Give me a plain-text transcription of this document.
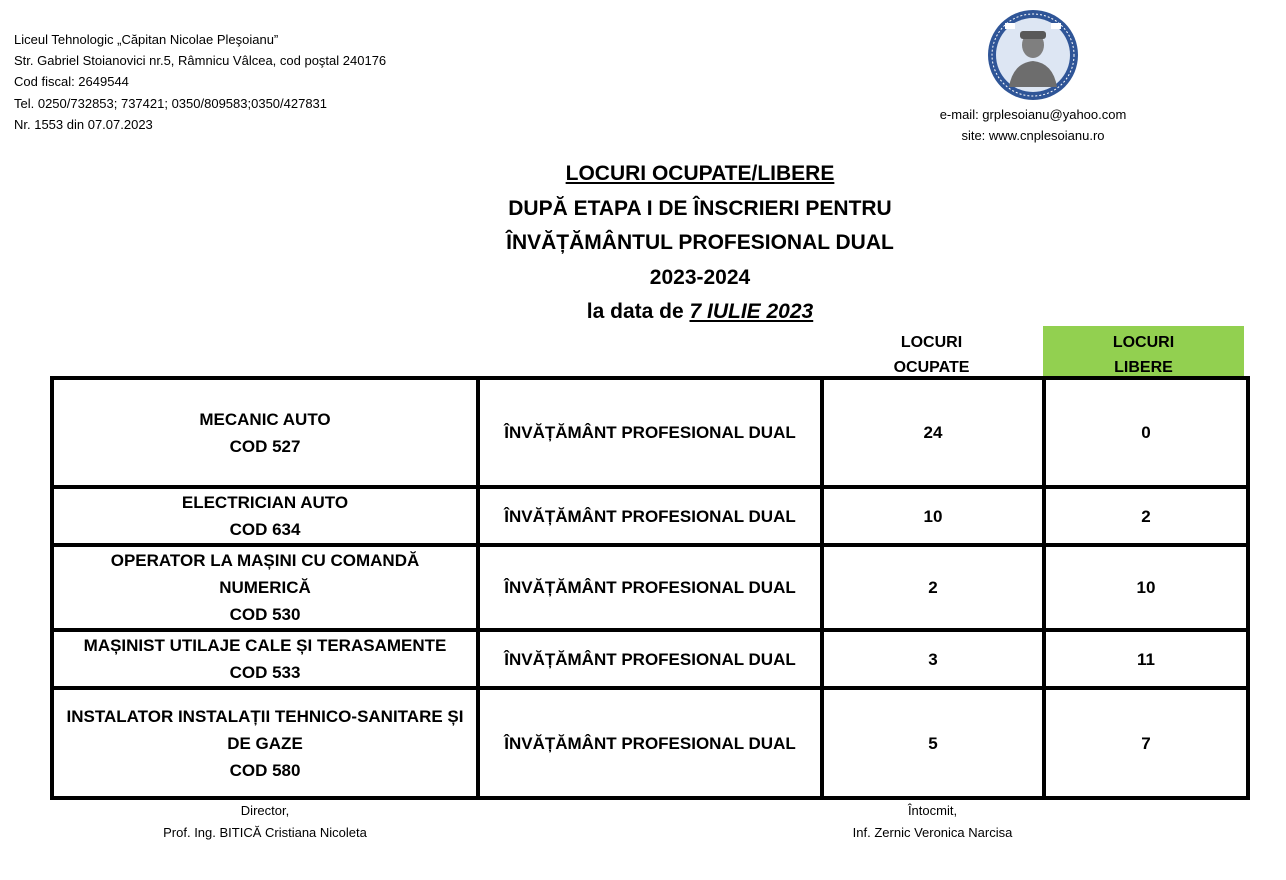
Liceul Tehnologic „Căpitan Nicolae Pleşoianu”
Str. Gabriel Stoianovici nr.5, Râmnicu Vâlcea, cod poştal 240176
Cod fiscal: 2649544
Tel. 0250/732853; 737421; 0350/809583;0350/427831
Nr. 1553 din 07.07.2023
e-mail: grplesoianu@yahoo.com
site: www.cnplesoianu.ro
LOCURI OCUPATE/LIBERE
DUPĂ ETAPA I DE ÎNSCRIERI PENTRU
ÎNVĂȚĂMÂNTUL PROFESIONAL DUAL
2023-2024
la data de 7 IULIE 2023
LOCURI
OCUPATE
LOCURI
LIBERE
MECANIC AUTO
COD 527	ÎNVĂȚĂMÂNT PROFESIONAL DUAL	24	0

ELECTRICIAN AUTO
COD 634	ÎNVĂȚĂMÂNT PROFESIONAL DUAL	10	2

OPERATOR LA MAȘINI CU COMANDĂ
NUMERICĂ
COD 530	ÎNVĂȚĂMÂNT PROFESIONAL DUAL	2	10

MAȘINIST UTILAJE CALE ȘI TERASAMENTE
COD 533	ÎNVĂȚĂMÂNT PROFESIONAL DUAL	3	11

INSTALATOR INSTALAȚII TEHNICO-SANITARE ȘI
DE GAZE
COD 580	ÎNVĂȚĂMÂNT PROFESIONAL DUAL	5	7
Director,
Prof. Ing. BITICĂ Cristiana Nicoleta
Întocmit,
Inf. Zernic Veronica Narcisa
